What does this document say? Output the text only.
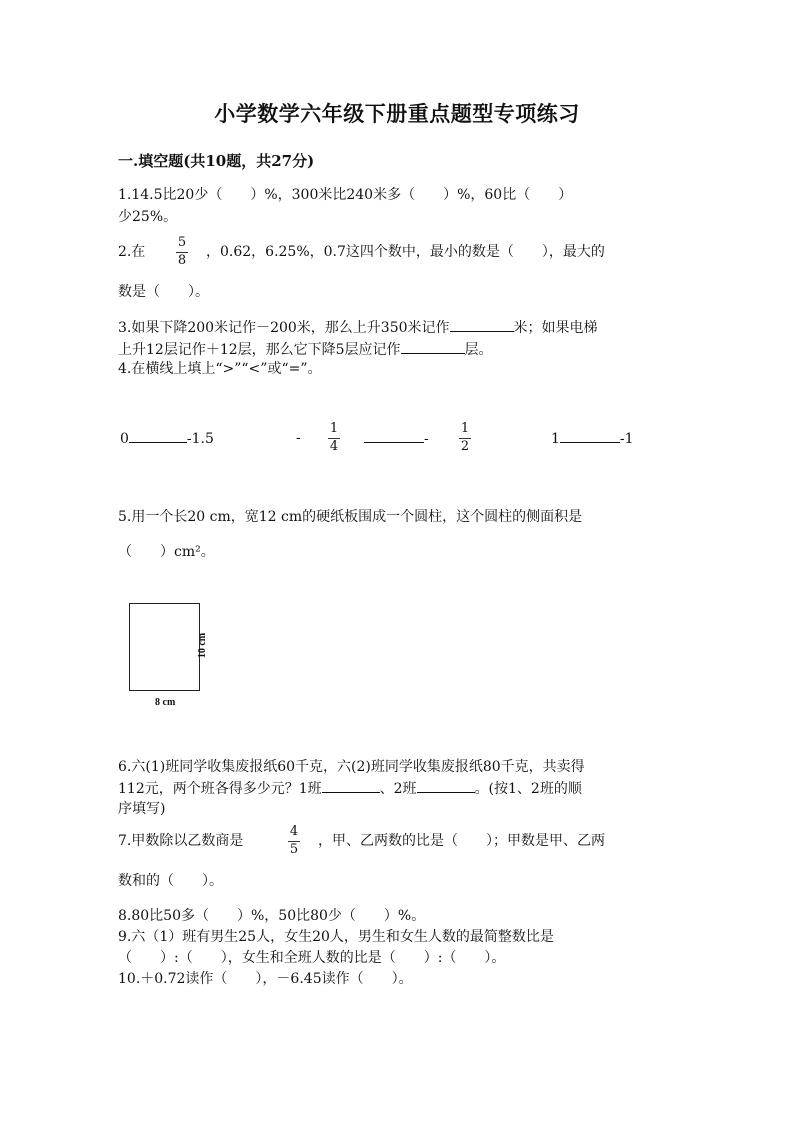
小学数学六年级下册重点题型专项练习
一.填空题(共10题，共27分)
1.14.5比20少（　　）%，300米比240米多（　　）%，60比（　　）
少25%。
2.在
5
8
，0.62，6.25%，0.7这四个数中，最小的数是（　　），最大的
数是（　　）。
3.如果下降200米记作－200米，那么上升350米记作	米；如果电梯
上升12层记作＋12层，那么它下降5层应记作	层。
4.在横线上填上“>”“<”或“=”。
0	-1.5	-
1
4	-
1
2	1	-1
5.用一个长20 cm，宽12 cm的硬纸板围成一个圆柱，这个圆柱的侧面积是
（　　）cm²。
8 cm
10 cm
6.六(1)班同学收集废报纸60千克，六(2)班同学收集废报纸80千克，共卖得
112元，两个班各得多少元？1班	、2班	。(按1、2班的顺
序填写)
7.甲数除以乙数商是
4
5
，甲、乙两数的比是（　　）；甲数是甲、乙两
数和的（　　）。
8.80比50多（　　）%，50比80少（　　）%。
9.六（1）班有男生25人，女生20人，男生和女生人数的最简整数比是
（　　）:（　　），女生和全班人数的比是（　　）:（　　）。
10.＋0.72读作（　　），－6.45读作（　　）。
